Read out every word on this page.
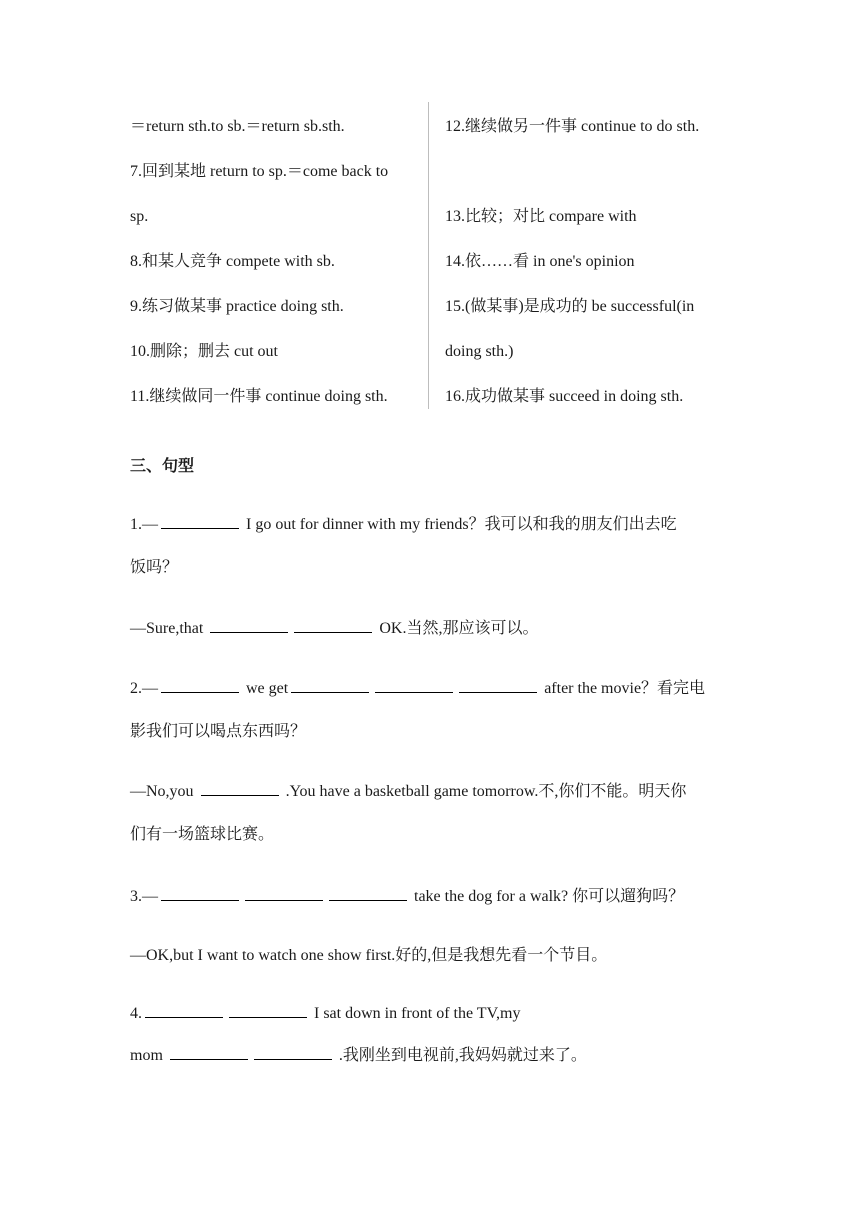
＝return sth.to sb.＝return sb.sth.
7.回到某地 return to sp.＝come back to
sp.
8.和某人竞争 compete with sb.
9.练习做某事 practice doing sth.
10.删除；删去 cut out
11.继续做同一件事 continue doing sth.
12.继续做另一件事 continue to do sth.
13.比较；对比 compare with
14.依……看 in one's opinion
15.(做某事)是成功的 be successful(in
doing sth.)
16.成功做某事 succeed in doing sth.
三、句型
1.—	I go out for dinner with my friends？我可以和我的朋友们出去吃
饭吗？
—Sure,that	OK.当然,那应该可以。
2.—	we get	after the movie？看完电
影我们可以喝点东西吗？
—No,you	.You have a basketball game tomorrow.不,你们不能。明天你
们有一场篮球比赛。
3.—	take the dog for a walk? 你可以遛狗吗？
—OK,but I want to watch one show first.好的,但是我想先看一个节目。
4.	I sat down in front of the TV,my
mom	.我刚坐到电视前,我妈妈就过来了。
